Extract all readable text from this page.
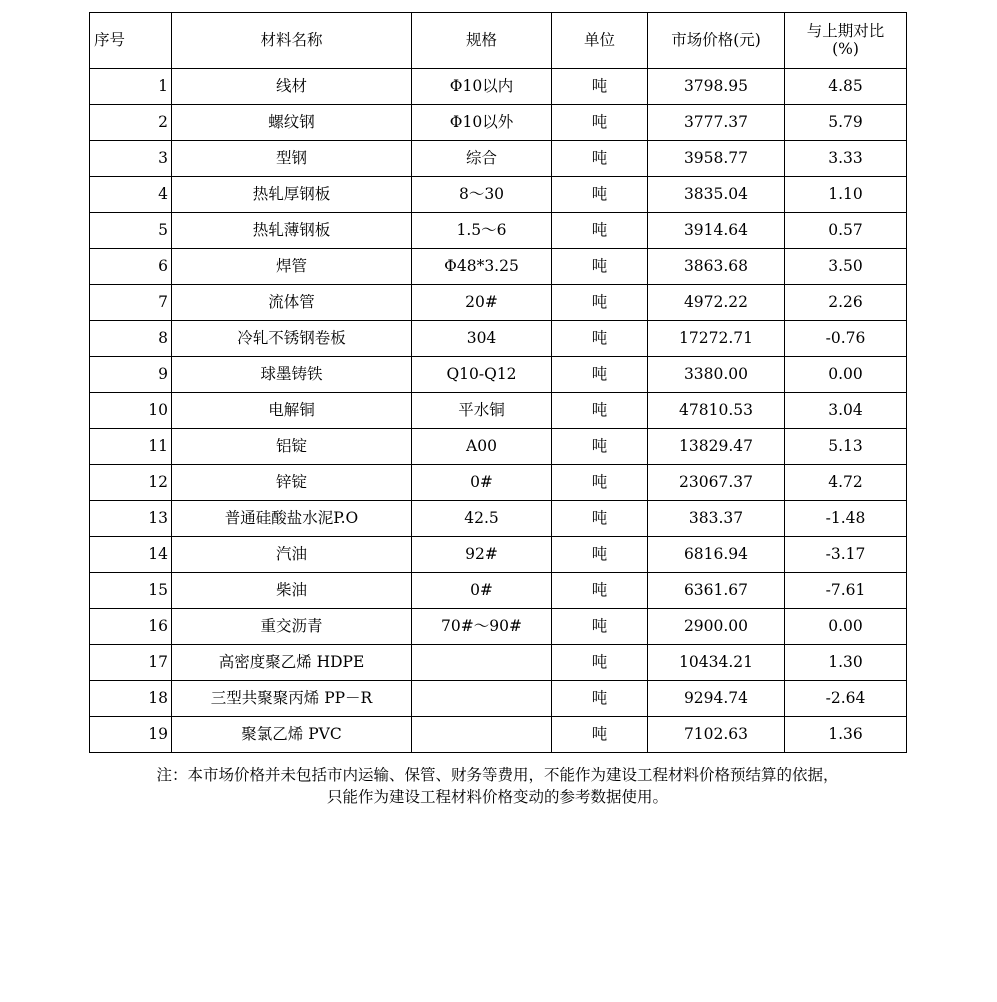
序号	材料名称	规格	单位	市场价格(元)	与上期对比
(%)

1	线材	Φ10以内	吨	3798.95	4.85
2	螺纹钢	Φ10以外	吨	3777.37	5.79
3	型钢	综合	吨	3958.77	3.33
4	热轧厚钢板	8～30	吨	3835.04	1.10
5	热轧薄钢板	1.5～6	吨	3914.64	0.57
6	焊管	Φ48*3.25	吨	3863.68	3.50
7	流体管	20#	吨	4972.22	2.26
8	冷轧不锈钢卷板	304	吨	17272.71	-0.76
9	球墨铸铁	Q10-Q12	吨	3380.00	0.00
10	电解铜	平水铜	吨	47810.53	3.04
11	铝锭	A00	吨	13829.47	5.13
12	锌锭	0#	吨	23067.37	4.72
13	普通硅酸盐水泥P.O	42.5	吨	383.37	-1.48
14	汽油	92#	吨	6816.94	-3.17
15	柴油	0#	吨	6361.67	-7.61
16	重交沥青	70#～90#	吨	2900.00	0.00
17	高密度聚乙烯 HDPE		吨	10434.21	1.30
18	三型共聚聚丙烯 PP－R		吨	9294.74	-2.64
19	聚氯乙烯 PVC		吨	7102.63	1.36
注：本市场价格并未包括市内运输、保管、财务等费用，不能作为建设工程材料价格预结算的依据，
只能作为建设工程材料价格变动的参考数据使用。
